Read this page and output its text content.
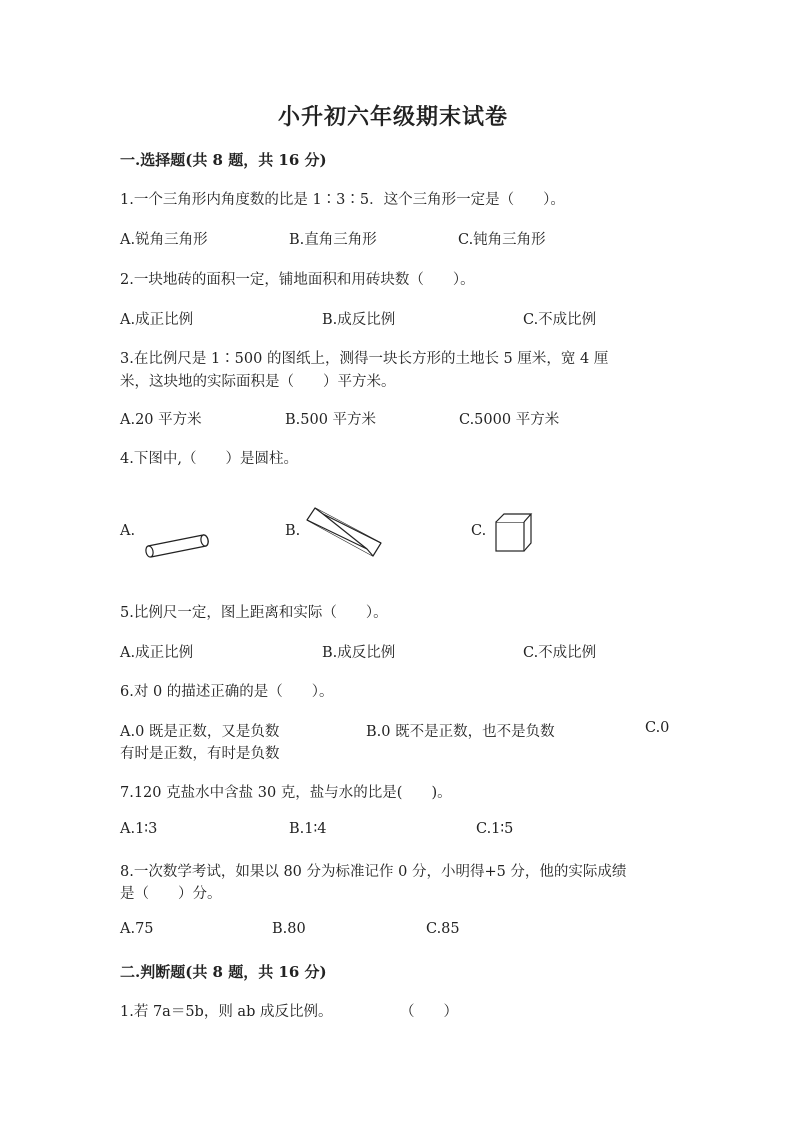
小升初六年级期末试卷
一.选择题(共 8 题，共 16 分)
1.一个三角形内角度数的比是 1∶3∶5．这个三角形一定是（　　）。
A.锐角三角形	B.直角三角形	C.钝角三角形
2.一块地砖的面积一定，铺地面积和用砖块数（　　）。
A.成正比例	B.成反比例	C.不成比例
3.在比例尺是 1∶500 的图纸上，测得一块长方形的土地长 5 厘米，宽 4 厘
米，这块地的实际面积是（　　）平方米。
A.20 平方米	B.500 平方米	C.5000 平方米
4.下图中,（　　）是圆柱。
A.	B.	C.
5.比例尺一定，图上距离和实际（　　）。
A.成正比例	B.成反比例	C.不成比例
6.对 0 的描述正确的是（　　）。
A.0 既是正数，又是负数	B.0 既不是正数，也不是负数	C.0
有时是正数，有时是负数
7.120 克盐水中含盐 30 克，盐与水的比是(　　)。
A.1∶3	B.1∶4	C.1∶5
8.一次数学考试，如果以 80 分为标准记作 0 分，小明得+5 分，他的实际成绩
是（　　）分。
A.75	B.80	C.85
二.判断题(共 8 题，共 16 分)
1.若 7a＝5b，则 ab 成反比例。	（　　）
